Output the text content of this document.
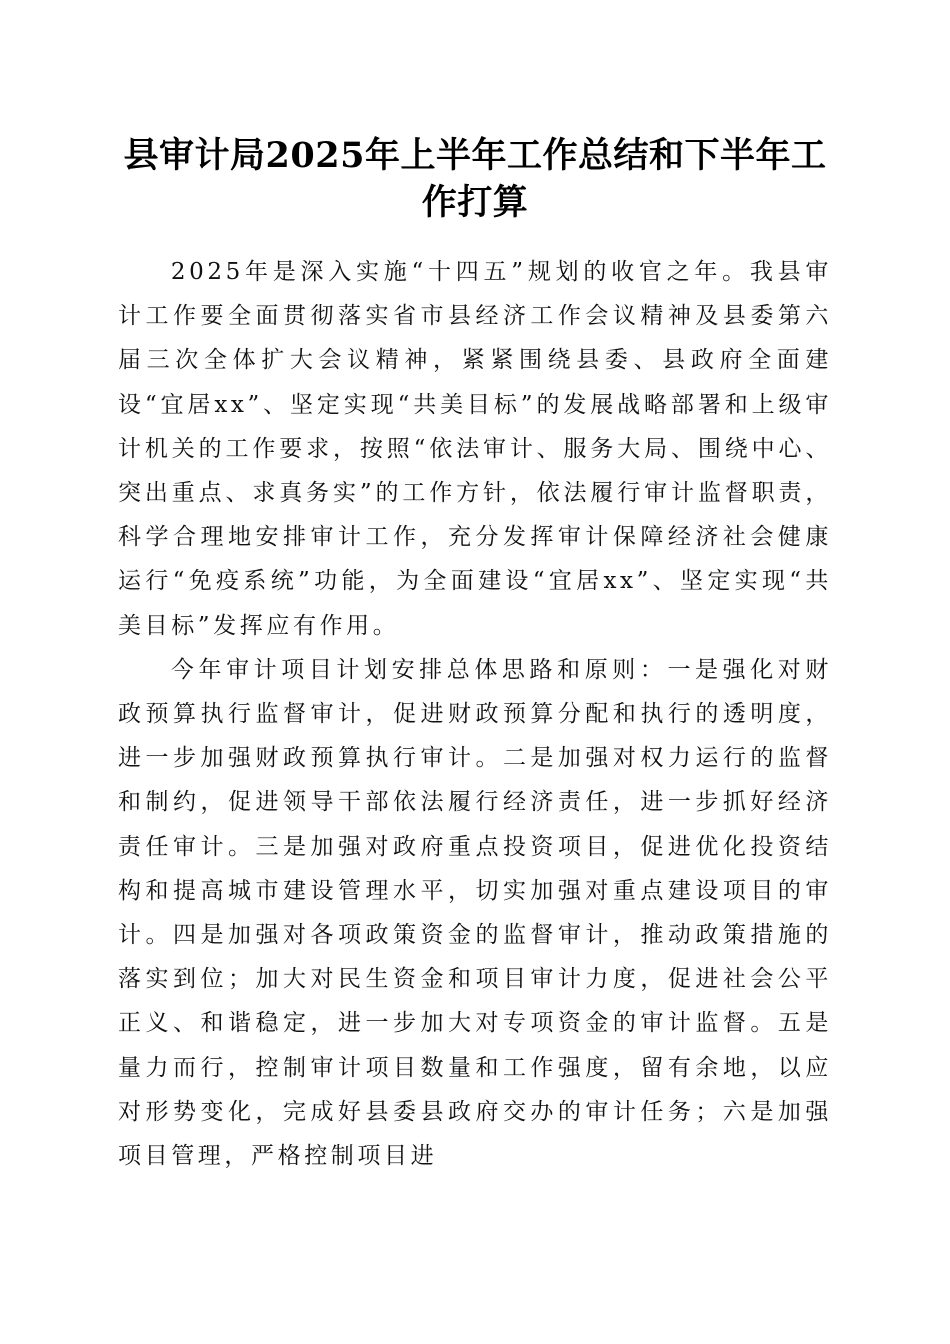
县审计局2025年上半年工作总结和下半年工作打算

2025年是深入实施“十四五”规划的收官之年。我县审计工作要全面贯彻落实省市县经济工作会议精神及县委第六届三次全体扩大会议精神，紧紧围绕县委、县政府全面建设“宜居xx”、坚定实现“共美目标”的发展战略部署和上级审计机关的工作要求，按照“依法审计、服务大局、围绕中心、突出重点、求真务实”的工作方针，依法履行审计监督职责，科学合理地安排审计工作，充分发挥审计保障经济社会健康运行“免疫系统”功能，为全面建设“宜居xx”、坚定实现“共美目标”发挥应有作用。

今年审计项目计划安排总体思路和原则：一是强化对财政预算执行监督审计，促进财政预算分配和执行的透明度，进一步加强财政预算执行审计。二是加强对权力运行的监督和制约，促进领导干部依法履行经济责任，进一步抓好经济责任审计。三是加强对政府重点投资项目，促进优化投资结构和提高城市建设管理水平，切实加强对重点建设项目的审计。四是加强对各项政策资金的监督审计，推动政策措施的落实到位；加大对民生资金和项目审计力度，促进社会公平正义、和谐稳定，进一步加大对专项资金的审计监督。五是量力而行，控制审计项目数量和工作强度，留有余地，以应对形势变化，完成好县委县政府交办的审计任务；六是加强项目管理，严格控制项目进
